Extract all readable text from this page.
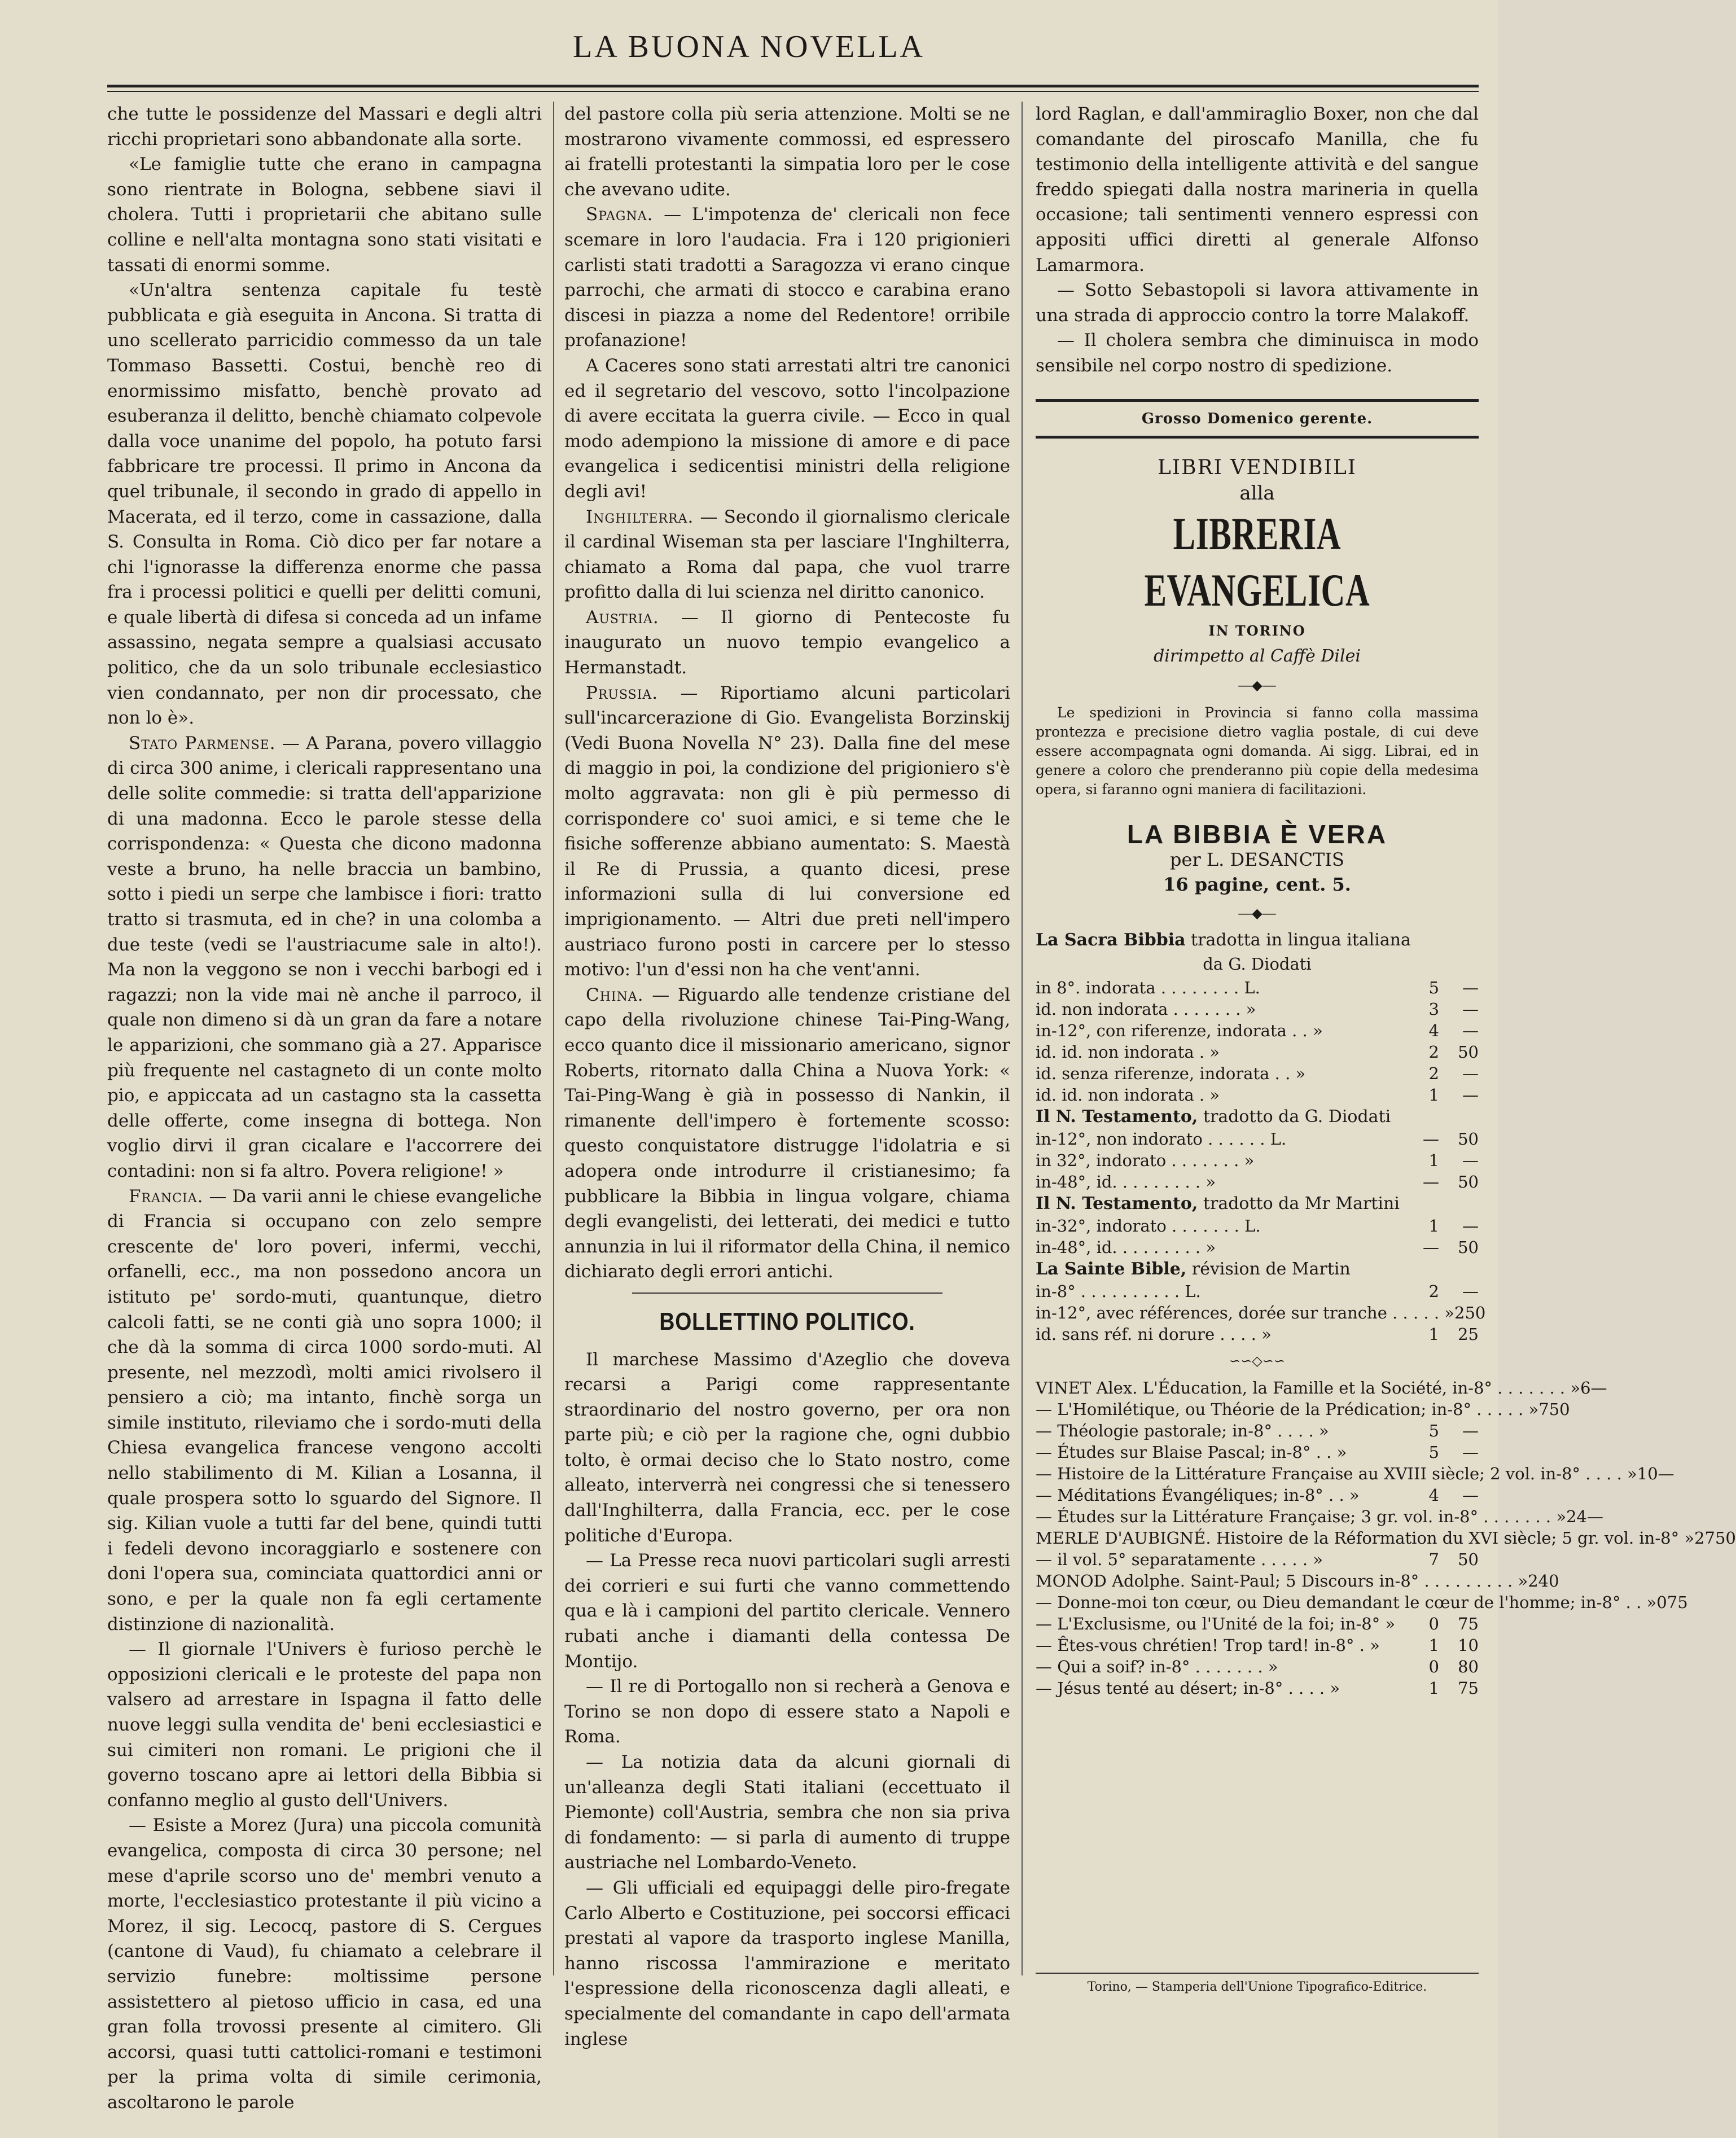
LA BUONA NOVELLA

che tutte le possidenze del Massari e degli altri ricchi proprietari sono abbandonate alla sorte.

«Le famiglie tutte che erano in campagna sono rientrate in Bologna, sebbene siavi il cholera. Tutti i proprietarii che abitano sulle colline e nell'alta montagna sono stati visitati e tassati di enormi somme.

«Un'altra sentenza capitale fu testè pubblicata e già eseguita in Ancona. Si tratta di uno scellerato parricidio commesso da un tale Tommaso Bassetti. Costui, benchè reo di enormissimo misfatto, benchè provato ad esuberanza il delitto, benchè chiamato colpevole dalla voce unanime del popolo, ha potuto farsi fabbricare tre processi. Il primo in Ancona da quel tribunale, il secondo in grado di appello in Macerata, ed il terzo, come in cassazione, dalla S. Consulta in Roma. Ciò dico per far notare a chi l'ignorasse la differenza enorme che passa fra i processi politici e quelli per delitti comuni, e quale libertà di difesa si conceda ad un infame assassino, negata sempre a qualsiasi accusato politico, che da un solo tribunale ecclesiastico vien condannato, per non dir processato, che non lo è».

Stato Parmense. — A Parana, povero villaggio di circa 300 anime, i clericali rappresentano una delle solite commedie: si tratta dell'apparizione di una madonna. Ecco le parole stesse della corrispondenza: « Questa che dicono madonna veste a bruno, ha nelle braccia un bambino, sotto i piedi un serpe che lambisce i fiori: tratto tratto si trasmuta, ed in che? in una colomba a due teste (vedi se l'austriacume sale in alto!). Ma non la veggono se non i vecchi barbogi ed i ragazzi; non la vide mai nè anche il parroco, il quale non dimeno si dà un gran da fare a notare le apparizioni, che sommano già a 27. Apparisce più frequente nel castagneto di un conte molto pio, e appiccata ad un castagno sta la cassetta delle offerte, come insegna di bottega. Non voglio dirvi il gran cicalare e l'accorrere dei contadini: non si fa altro. Povera religione! »

Francia. — Da varii anni le chiese evangeliche di Francia si occupano con zelo sempre crescente de' loro poveri, infermi, vecchi, orfanelli, ecc., ma non possedono ancora un istituto pe' sordo-muti, quantunque, dietro calcoli fatti, se ne conti già uno sopra 1000; il che dà la somma di circa 1000 sordo-muti. Al presente, nel mezzodì, molti amici rivolsero il pensiero a ciò; ma intanto, finchè sorga un simile instituto, rileviamo che i sordo-muti della Chiesa evangelica francese vengono accolti nello stabilimento di M. Kilian a Losanna, il quale prospera sotto lo sguardo del Signore. Il sig. Kilian vuole a tutti far del bene, quindi tutti i fedeli devono incoraggiarlo e sostenere con doni l'opera sua, cominciata quattordici anni or sono, e per la quale non fa egli certamente distinzione di nazionalità.

— Il giornale l'Univers è furioso perchè le opposizioni clericali e le proteste del papa non valsero ad arrestare in Ispagna il fatto delle nuove leggi sulla vendita de' beni ecclesiastici e sui cimiteri non romani. Le prigioni che il governo toscano apre ai lettori della Bibbia si confanno meglio al gusto dell'Univers.

— Esiste a Morez (Jura) una piccola comunità evangelica, composta di circa 30 persone; nel mese d'aprile scorso uno de' membri venuto a morte, l'ecclesiastico protestante il più vicino a Morez, il sig. Lecocq, pastore di S. Cergues (cantone di Vaud), fu chiamato a celebrare il servizio funebre: moltissime persone assistettero al pietoso ufficio in casa, ed una gran folla trovossi presente al cimitero. Gli accorsi, quasi tutti cattolici-romani e testimoni per la prima volta di simile cerimonia, ascoltarono le parole

del pastore colla più seria attenzione. Molti se ne mostrarono vivamente commossi, ed espressero ai fratelli protestanti la simpatia loro per le cose che avevano udite.

Spagna. — L'impotenza de' clericali non fece scemare in loro l'audacia. Fra i 120 prigionieri carlisti stati tradotti a Saragozza vi erano cinque parrochi, che armati di stocco e carabina erano discesi in piazza a nome del Redentore! orribile profanazione!

A Caceres sono stati arrestati altri tre canonici ed il segretario del vescovo, sotto l'incolpazione di avere eccitata la guerra civile. — Ecco in qual modo adempiono la missione di amore e di pace evangelica i sedicentisi ministri della religione degli avi!

Inghilterra. — Secondo il giornalismo clericale il cardinal Wiseman sta per lasciare l'Inghilterra, chiamato a Roma dal papa, che vuol trarre profitto dalla di lui scienza nel diritto canonico.

Austria. — Il giorno di Pentecoste fu inaugurato un nuovo tempio evangelico a Hermanstadt.

Prussia. — Riportiamo alcuni particolari sull'incarcerazione di Gio. Evangelista Borzinskij (Vedi Buona Novella N° 23). Dalla fine del mese di maggio in poi, la condizione del prigioniero s'è molto aggravata: non gli è più permesso di corrispondere co' suoi amici, e si teme che le fisiche sofferenze abbiano aumentato: S. Maestà il Re di Prussia, a quanto dicesi, prese informazioni sulla di lui conversione ed imprigionamento. — Altri due preti nell'impero austriaco furono posti in carcere per lo stesso motivo: l'un d'essi non ha che vent'anni.

China. — Riguardo alle tendenze cristiane del capo della rivoluzione chinese Tai-Ping-Wang, ecco quanto dice il missionario americano, signor Roberts, ritornato dalla China a Nuova York: « Tai-Ping-Wang è già in possesso di Nankin, il rimanente dell'impero è fortemente scosso: questo conquistatore distrugge l'idolatria e si adopera onde introdurre il cristianesimo; fa pubblicare la Bibbia in lingua volgare, chiama degli evangelisti, dei letterati, dei medici e tutto annunzia in lui il riformator della China, il nemico dichiarato degli errori antichi.

BOLLETTINO POLITICO.

Il marchese Massimo d'Azeglio che doveva recarsi a Parigi come rappresentante straordinario del nostro governo, per ora non parte più; e ciò per la ragione che, ogni dubbio tolto, è ormai deciso che lo Stato nostro, come alleato, interverrà nei congressi che si tenessero dall'Inghilterra, dalla Francia, ecc. per le cose politiche d'Europa.

— La Presse reca nuovi particolari sugli arresti dei corrieri e sui furti che vanno commettendo qua e là i campioni del partito clericale. Vennero rubati anche i diamanti della contessa De Montijo.

— Il re di Portogallo non si recherà a Genova e Torino se non dopo di essere stato a Napoli e Roma.

— La notizia data da alcuni giornali di un'alleanza degli Stati italiani (eccettuato il Piemonte) coll'Austria, sembra che non sia priva di fondamento: — si parla di aumento di truppe austriache nel Lombardo-Veneto.

— Gli ufficiali ed equipaggi delle piro-fregate Carlo Alberto e Costituzione, pei soccorsi efficaci prestati al vapore da trasporto inglese Manilla, hanno riscossa l'ammirazione e meritato l'espressione della riconoscenza dagli alleati, e specialmente del comandante in capo dell'armata inglese

lord Raglan, e dall'ammiraglio Boxer, non che dal comandante del piroscafo Manilla, che fu testimonio della intelligente attività e del sangue freddo spiegati dalla nostra marineria in quella occasione; tali sentimenti vennero espressi con appositi uffici diretti al generale Alfonso Lamarmora.

— Sotto Sebastopoli si lavora attivamente in una strada di approccio contro la torre Malakoff.

— Il cholera sembra che diminuisca in modo sensibile nel corpo nostro di spedizione.

Grosso Domenico gerente.
LIBRI VENDIBILI
alla
LIBRERIA EVANGELICA
IN TORINO
dirimpetto al Caffè Dilei
―◆―
Le spedizioni in Provincia si fanno colla massima prontezza e precisione dietro vaglia postale, di cui deve essere accompagnata ogni domanda. Ai sigg. Librai, ed in genere a coloro che prenderanno più copie della medesima opera, si faranno ogni maniera di facilitazioni.
LA BIBBIA È VERA
per L. DESANCTIS
16 pagine, cent. 5.
―◆―
La Sacra Bibbia tradotta in lingua italiana
da G. Diodati
in 8°. indorata . . . . . . . . L.	5	—
id. non indorata . . . . . . . »	3	—
in-12°, con riferenze, indorata . . »	4	—
id. id. non indorata . »	2	50
id. senza riferenze, indorata . . »	2	—
id. id. non indorata . »	1	—
Il N. Testamento, tradotto da G. Diodati
in-12°, non indorato . . . . . . L.	—	50
in 32°, indorato . . . . . . . »	1	—
in-48°, id. . . . . . . . . »	—	50
Il N. Testamento, tradotto da Mr Martini
in-32°, indorato . . . . . . . L.	1	—
in-48°, id. . . . . . . . . »	—	50
La Sainte Bible, révision de Martin
in-8° . . . . . . . . . . L.	2	—
in-12°, avec références, dorée sur tranche . . . . . » 2 50
id. sans réf. ni dorure . . . . »	1	25
∽∽◇∽∽
VINET Alex. L'Éducation, la Famille et la Société, in-8° . . . . . . . » 6 —
— L'Homilétique, ou Théorie de la Prédication; in-8° . . . . . » 7 50
— Théologie pastorale; in-8° . . . . »	5	—
— Études sur Blaise Pascal; in-8° . . »	5	—
— Histoire de la Littérature Française au XVIII siècle; 2 vol. in-8° . . . . » 10 —
— Méditations Évangéliques; in-8° . . »	4	—
— Études sur la Littérature Française; 3 gr. vol. in-8° . . . . . . . » 24 —
MERLE D'AUBIGNÉ. Histoire de la Réformation du XVI siècle; 5 gr. vol. in-8° » 27 50
— il vol. 5° separatamente . . . . . »	7	50
MONOD Adolphe. Saint-Paul; 5 Discours in-8° . . . . . . . . . » 2 40
— Donne-moi ton cœur, ou Dieu demandant le cœur de l'homme; in-8° . . » 0 75
— L'Exclusisme, ou l'Unité de la foi; in-8° »	0	75
— Êtes-vous chrétien! Trop tard! in-8° . »	1	10
— Qui a soif? in-8° . . . . . . . »	0	80
— Jésus tenté au désert; in-8° . . . . »	1	75
Torino, — Stamperia dell'Unione Tipografico-Editrice.
